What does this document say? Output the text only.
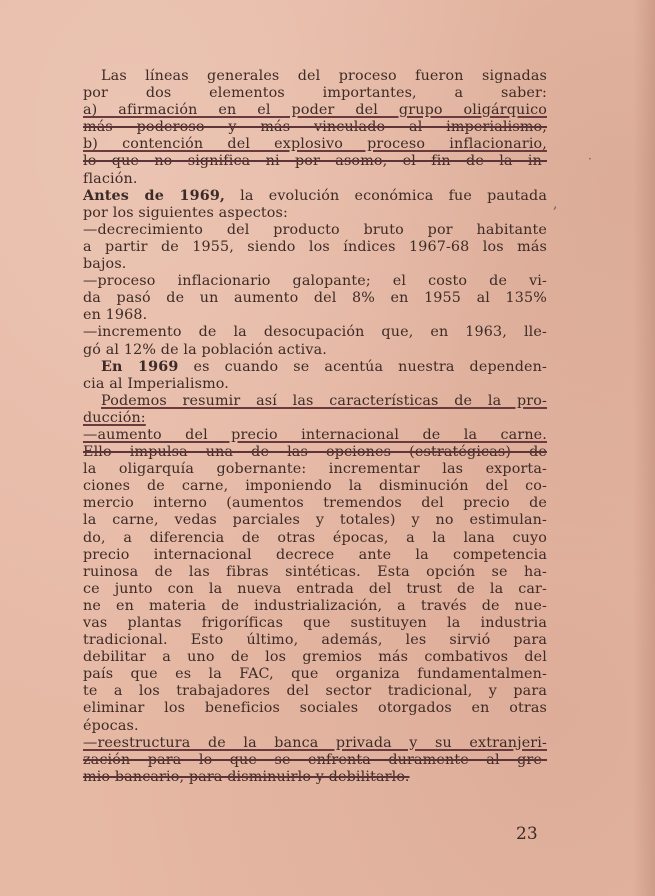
Las líneas generales del proceso fueron signadas
por dos elementos importantes, a saber:
a) afirmación en el poder del grupo oligárquico
más poderoso y más vinculado al imperialismo,
b) contención del explosivo proceso inflacionario,
lo que no significa ni por asomo, el fin de la in-
flación.
Antes de 1969, la evolución económica fue pautada
por los siguientes aspectos:
—decrecimiento del producto bruto por habitante
a partir de 1955, siendo los índices 1967-68 los más
bajos.
—proceso inflacionario galopante; el costo de vi-
da pasó de un aumento del 8% en 1955 al 135%
en 1968.
—incremento de la desocupación que, en 1963, lle-
gó al 12% de la población activa.
En 1969 es cuando se acentúa nuestra dependen-
cia al Imperialismo.
Podemos resumir así las características de la pro-
ducción:
—aumento del precio internacional de la carne.
Ello impulsa una de las opciones (estratégicas) de
la oligarquía gobernante: incrementar las exporta-
ciones de carne, imponiendo la disminución del co-
mercio interno (aumentos tremendos del precio de
la carne, vedas parciales y totales) y no estimulan-
do, a diferencia de otras épocas, a la lana cuyo
precio internacional decrece ante la competencia
ruinosa de las fibras sintéticas. Esta opción se ha-
ce junto con la nueva entrada del trust de la car-
ne en materia de industrialización, a través de nue-
vas plantas frigoríficas que sustituyen la industria
tradicional. Esto último, además, les sirvió para
debilitar a uno de los gremios más combativos del
país que es la FAC, que organiza fundamentalmen-
te a los trabajadores del sector tradicional, y para
eliminar los beneficios sociales otorgados en otras
épocas.
—reestructura de la banca privada y su extranjeri-
zación para lo que se enfrenta duramente al gre-
mio bancario, para disminuirlo y debilitarlo.
23
·
,
